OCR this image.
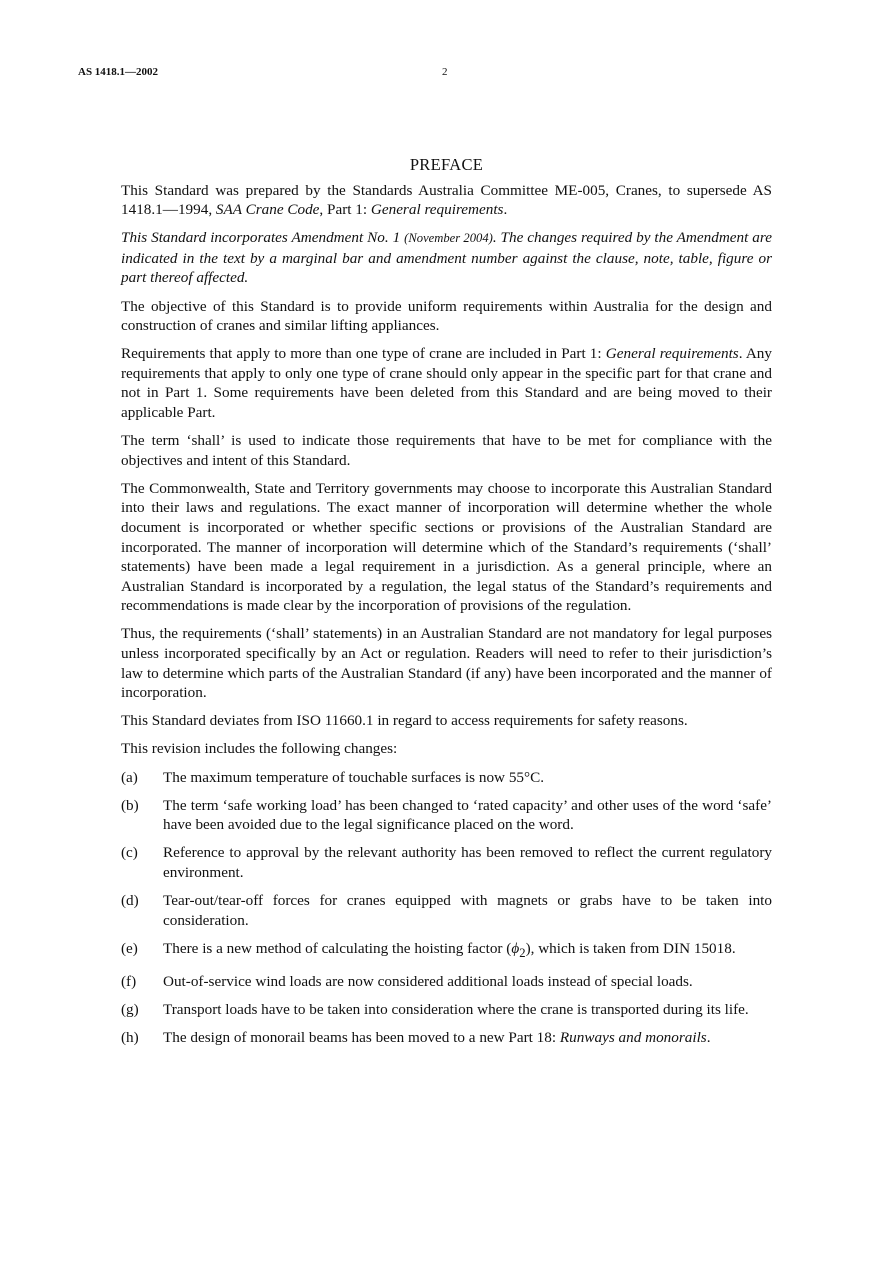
AS 1418.1—2002	2
PREFACE

This Standard was prepared by the Standards Australia Committee ME-005, Cranes, to supersede AS 1418.1—1994, SAA Crane Code, Part 1: General requirements.

This Standard incorporates Amendment No. 1 (November 2004). The changes required by the Amendment are indicated in the text by a marginal bar and amendment number against the clause, note, table, figure or part thereof affected.

The objective of this Standard is to provide uniform requirements within Australia for the design and construction of cranes and similar lifting appliances.

Requirements that apply to more than one type of crane are included in Part 1: General requirements. Any requirements that apply to only one type of crane should only appear in the specific part for that crane and not in Part 1. Some requirements have been deleted from this Standard and are being moved to their applicable Part.

The term ‘shall’ is used to indicate those requirements that have to be met for compliance with the objectives and intent of this Standard.

The Commonwealth, State and Territory governments may choose to incorporate this Australian Standard into their laws and regulations. The exact manner of incorporation will determine whether the whole document is incorporated or whether specific sections or provisions of the Australian Standard are incorporated. The manner of incorporation will determine which of the Standard’s requirements (‘shall’ statements) have been made a legal requirement in a jurisdiction. As a general principle, where an Australian Standard is incorporated by a regulation, the legal status of the Standard’s requirements and recommendations is made clear by the incorporation of provisions of the regulation.

Thus, the requirements (‘shall’ statements) in an Australian Standard are not mandatory for legal purposes unless incorporated specifically by an Act or regulation. Readers will need to refer to their jurisdiction’s law to determine which parts of the Australian Standard (if any) have been incorporated and the manner of incorporation.

This Standard deviates from ISO 11660.1 in regard to access requirements for safety reasons.

This revision includes the following changes:

(a) The maximum temperature of touchable surfaces is now 55°C.
(b) The term ‘safe working load’ has been changed to ‘rated capacity’ and other uses of the word ‘safe’ have been avoided due to the legal significance placed on the word.
(c) Reference to approval by the relevant authority has been removed to reflect the current regulatory environment.
(d) Tear-out/tear-off forces for cranes equipped with magnets or grabs have to be taken into consideration.
(e) There is a new method of calculating the hoisting factor $(\phi_2)$, which is taken from DIN 15018.
(f) Out-of-service wind loads are now considered additional loads instead of special loads.
(g) Transport loads have to be taken into consideration where the crane is transported during its life.
(h) The design of monorail beams has been moved to a new Part 18: Runways and monorails.
